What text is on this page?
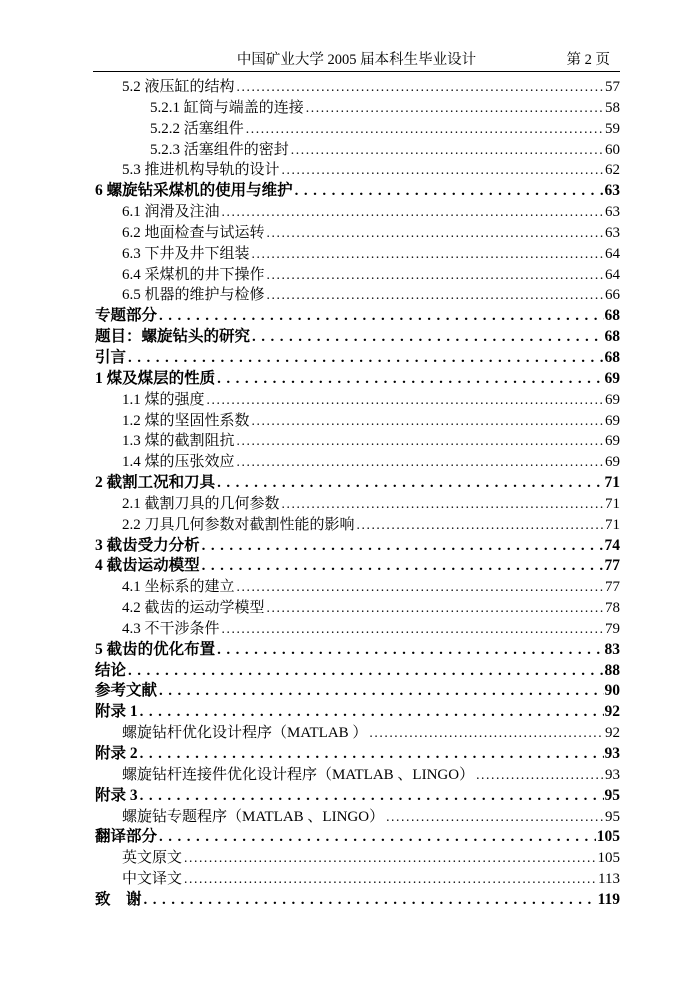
中国矿业大学 2005 届本科生毕业设计	第 2 页
5.2 液压缸的结构 .....	57
5.2.1 缸筒与端盖的连接 .....	58
5.2.2 活塞组件 .....	59
5.2.3 活塞组件的密封 .....	60
5.3 推进机构导轨的设计 .....	62
6 螺旋钻采煤机的使用与维护 .....	63
6.1 润滑及注油 .....	63
6.2 地面检查与试运转 .....	63
6.3 下井及井下组装 .....	64
6.4 采煤机的井下操作 .....	64
6.5 机器的维护与检修 .....	66
专题部分 .....	68
题目：螺旋钻头的研究 .....	68
引言 .....	68
1 煤及煤层的性质 .....	69
1.1 煤的强度 .....	69
1.2 煤的坚固性系数 .....	69
1.3 煤的截割阻抗 .....	69
1.4 煤的压张效应 .....	69
2 截割工况和刀具 .....	71
2.1 截割刀具的几何参数 .....	71
2.2 刀具几何参数对截割性能的影响 .....	71
3 截齿受力分析 .....	74
4 截齿运动模型 .....	77
4.1 坐标系的建立 .....	77
4.2 截齿的运动学模型 .....	78
4.3 不干涉条件 .....	79
5 截齿的优化布置 .....	83
结论 .....	88
参考文献 .....	90
附录 1 .....	92
螺旋钻杆优化设计程序（MATLAB ） .....	92
附录 2 .....	93
螺旋钻杆连接件优化设计程序（MATLAB 、LINGO） .....	93
附录 3 .....	95
螺旋钻专题程序（MATLAB 、LINGO） .....	95
翻译部分 .....	105
英文原文 .....	105
中文译文 .....	113
致　谢 .....	119
